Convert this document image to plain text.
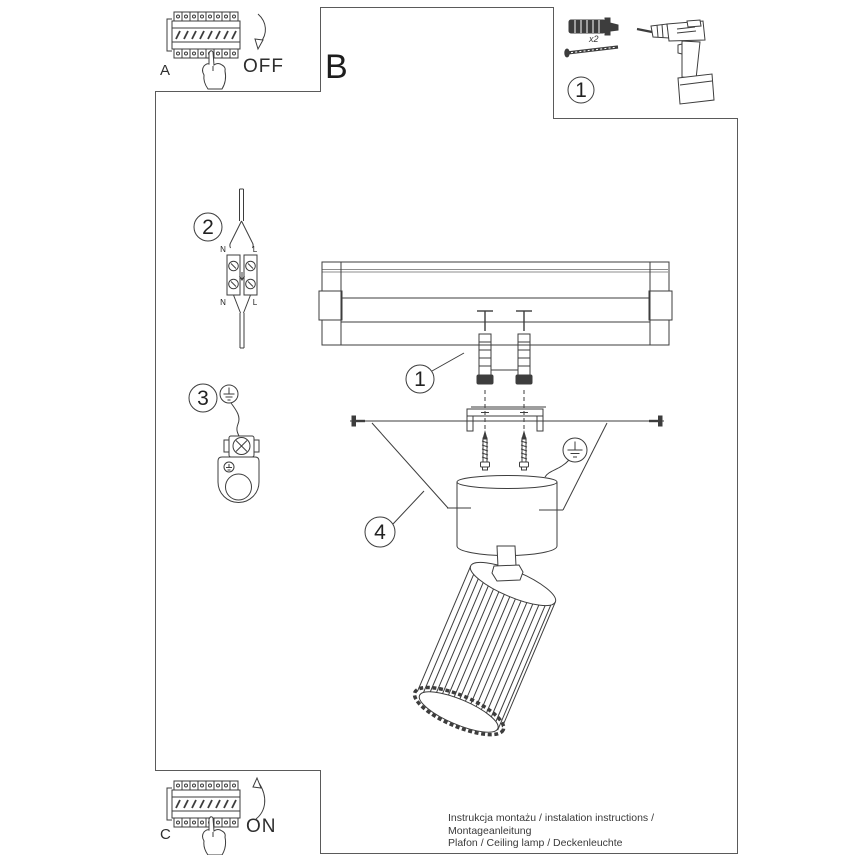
A	OFF B
1
x2
2
N	L
N	L
3
1
4
C	ON	Instrukcja montażu / instalation instructions / Montageanleitung
Plafon / Ceiling lamp / Deckenleuchte
